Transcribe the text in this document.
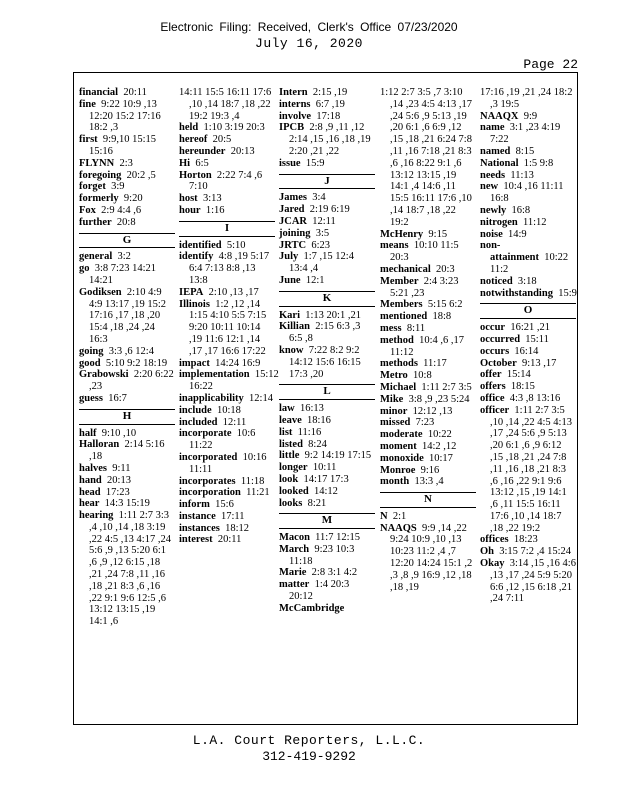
Electronic Filing: Received, Clerk's Office 07/23/2020
July 16, 2020
Page 22
financial 20:11
fine 9:22 10:9 ,13 12:20 15:2 17:16 18:2 ,3
first 9:9,10 15:15 15:16
FLYNN 2:3
foregoing 20:2 ,5
forget 3:9
formerly 9:20
Fox 2:9 4:4 ,6
further 20:8
G
general 3:2
go 3:8 7:23 14:21 14:21
Godiksen 2:10 4:9 4:9 13:17 ,19 15:2 17:16 ,17 ,18 ,20 15:4 ,18 ,24 ,24 16:3
going 3:3 ,6 12:4
good 5:10 9:2 18:19
Grabowski 2:20 6:22 ,23
guess 16:7
H
half 9:10 ,10
Halloran 2:14 5:16 ,18
halves 9:11
hand 20:13
head 17:23
hear 14:3 15:19
hearing 1:11 2:7 3:3 ,4 ,10 ,14 ,18 3:19 ,22 4:5 ,13 4:17 ,24 5:6 ,9 ,13 5:20 6:1 ,6 ,9 ,12 6:15 ,18 ,21 ,24 7:8 ,11 ,16 ,18 ,21 8:3 ,6 ,16 ,22 9:1 9:6 12:5 ,6 13:12 13:15 ,19 14:1 ,6
14:11 15:5 16:11 17:6 ,10 ,14 18:7 ,18 ,22 19:2 19:3 ,4
held 1:10 3:19 20:3
hereof 20:5
hereunder 20:13
Hi 6:5
Horton 2:22 7:4 ,6 7:10
host 3:13
hour 1:16
I
identified 5:10
identify 4:8 ,19 5:17 6:4 7:13 8:8 ,13 13:8
IEPA 2:10 ,13 ,17
Illinois 1:2 ,12 ,14 1:15 4:10 5:5 7:15 9:20 10:11 10:14 ,19 11:6 12:1 ,14 ,17 ,17 16:6 17:22
impact 14:24 16:9
implementation 15:12 16:22
inapplicability 12:14
include 10:18
included 12:11
incorporate 10:6 11:22
incorporated 10:16 11:11
incorporates 11:18
incorporation 11:21
inform 15:6
instance 17:11
instances 18:12
interest 20:11
Intern 2:15 ,19
interns 6:7 ,19
involve 17:18
IPCB 2:8 ,9 ,11 ,12 2:14 ,15 ,16 ,18 ,19 2:20 ,21 ,22
issue 15:9
J
James 3:4
Jared 2:19 6:19
JCAR 12:11
joining 3:5
JRTC 6:23
July 1:7 ,15 12:4 13:4 ,4
June 12:1
K
Kari 1:13 20:1 ,21
Killian 2:15 6:3 ,3 6:5 ,8
know 7:22 8:2 9:2 14:12 15:6 16:15 17:3 ,20
L
law 16:13
leave 18:16
list 11:16
listed 8:24
little 9:2 14:19 17:15
longer 10:11
look 14:17 17:3
looked 14:12
looks 8:21
M
Macon 11:7 12:15
March 9:23 10:3 11:18
Marie 2:8 3:1 4:2
matter 1:4 20:3 20:12
McCambridge
1:12 2:7 3:5 ,7 3:10 ,14 ,23 4:5 4:13 ,17 ,24 5:6 ,9 5:13 ,19 ,20 6:1 ,6 6:9 ,12 ,15 ,18 ,21 6:24 7:8 ,11 ,16 7:18 ,21 8:3 ,6 ,16 8:22 9:1 ,6 13:12 13:15 ,19 14:1 ,4 14:6 ,11 15:5 16:11 17:6 ,10 ,14 18:7 ,18 ,22 19:2
McHenry 9:15
means 10:10 11:5 20:3
mechanical 20:3
Member 2:4 3:23 5:21 ,23
Members 5:15 6:2
mentioned 18:8
mess 8:11
method 10:4 ,6 ,17 11:12
methods 11:17
Metro 10:8
Michael 1:11 2:7 3:5
Mike 3:8 ,9 ,23 5:24
minor 12:12 ,13
missed 7:23
moderate 10:22
moment 14:2 ,12
monoxide 10:17
Monroe 9:16
month 13:3 ,4
N
N 2:1
NAAQS 9:9 ,14 ,22 9:24 10:9 ,10 ,13 10:23 11:2 ,4 ,7 12:20 14:24 15:1 ,2 ,3 ,8 ,9 16:9 ,12 ,18 ,18 ,19
17:16 ,19 ,21 ,24 18:2 ,3 19:5
NAAQX 9:9
name 3:1 ,23 4:19 7:22
named 8:15
National 1:5 9:8
needs 11:13
new 10:4 ,16 11:11 16:8
newly 16:8
nitrogen 11:12
noise 14:9
non-attainment 10:22 11:2
noticed 3:18
notwithstanding 15:9
O
occur 16:21 ,21
occurred 15:11
occurs 16:14
October 9:13 ,17
offer 15:14
offers 18:15
office 4:3 ,8 13:16
officer 1:11 2:7 3:5 ,10 ,14 ,22 4:5 4:13 ,17 ,24 5:6 ,9 5:13 ,20 6:1 ,6 ,9 6:12 ,15 ,18 ,21 ,24 7:8 ,11 ,16 ,18 ,21 8:3 ,6 ,16 ,22 9:1 9:6 13:12 ,15 ,19 14:1 ,6 ,11 15:5 16:11 17:6 ,10 ,14 18:7 ,18 ,22 19:2
offices 18:23
Oh 3:15 7:2 ,4 15:24
Okay 3:14 ,15 ,16 4:6 ,13 ,17 ,24 5:9 5:20 6:6 ,12 ,15 6:18 ,21 ,24 7:11
L.A. Court Reporters, L.L.C.
312-419-9292
